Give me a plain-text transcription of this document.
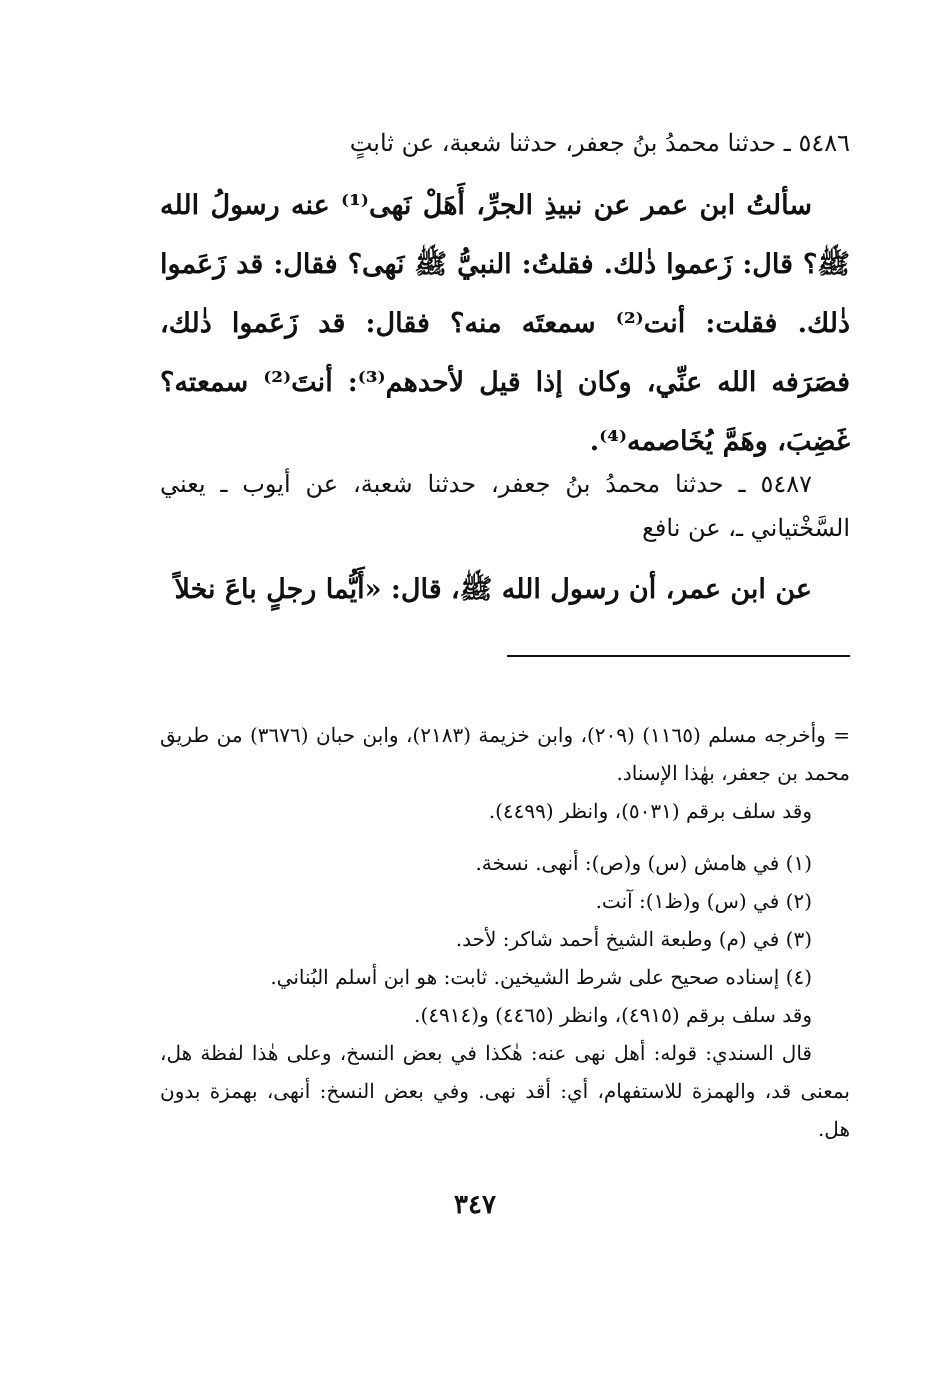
٥٤٨٦ ـ حدثنا محمدُ بنُ جعفر، حدثنا شعبة، عن ثابتٍ
سألتُ ابن عمر عن نبيذِ الجرِّ، أَهَلْ نَهى⁽¹⁾ عنه رسولُ الله ﷺ؟ قال: زَعموا ذٰلك. فقلتُ: النبيُّ ﷺ نَهى؟ فقال: قد زَعَموا ذٰلك. فقلت: أنت⁽²⁾ سمعتَه منه؟ فقال: قد زَعَموا ذٰلك، فصَرَفه الله عنِّي، وكان إذا قيل لأحدهم⁽³⁾: أنتَ⁽²⁾ سمعته؟ غَضِبَ، وهَمَّ يُخَاصمه⁽⁴⁾.
٥٤٨٧ ـ حدثنا محمدُ بنُ جعفر، حدثنا شعبة، عن أيوب ـ يعني السَّخْتياني ـ، عن نافع
عن ابن عمر، أن رسول الله ﷺ، قال: «أَيُّما رجلٍ باعَ نخلاً

= وأخرجه مسلم (١١٦٥) (٢٠٩)، وابن خزيمة (٢١٨٣)، وابن حبان (٣٦٧٦) من طريق محمد بن جعفر، بهٰذا الإسناد.

وقد سلف برقم (٥٠٣١)، وانظر (٤٤٩٩).

(١) في هامش (س) و(ص): أنهى. نسخة.

(٢) في (س) و(ظ١): آنت.

(٣) في (م) وطبعة الشيخ أحمد شاكر: لأحد.

(٤) إسناده صحيح على شرط الشيخين. ثابت: هو ابن أسلم البُناني.

وقد سلف برقم (٤٩١٥)، وانظر (٤٤٦٥) و(٤٩١٤).

قال السندي: قوله: أهل نهى عنه: هٰكذا في بعض النسخ، وعلى هٰذا لفظة هل، بمعنى قد، والهمزة للاستفهام، أي: أقد نهى. وفي بعض النسخ: أنهى، بهمزة بدون هل.

٣٤٧
